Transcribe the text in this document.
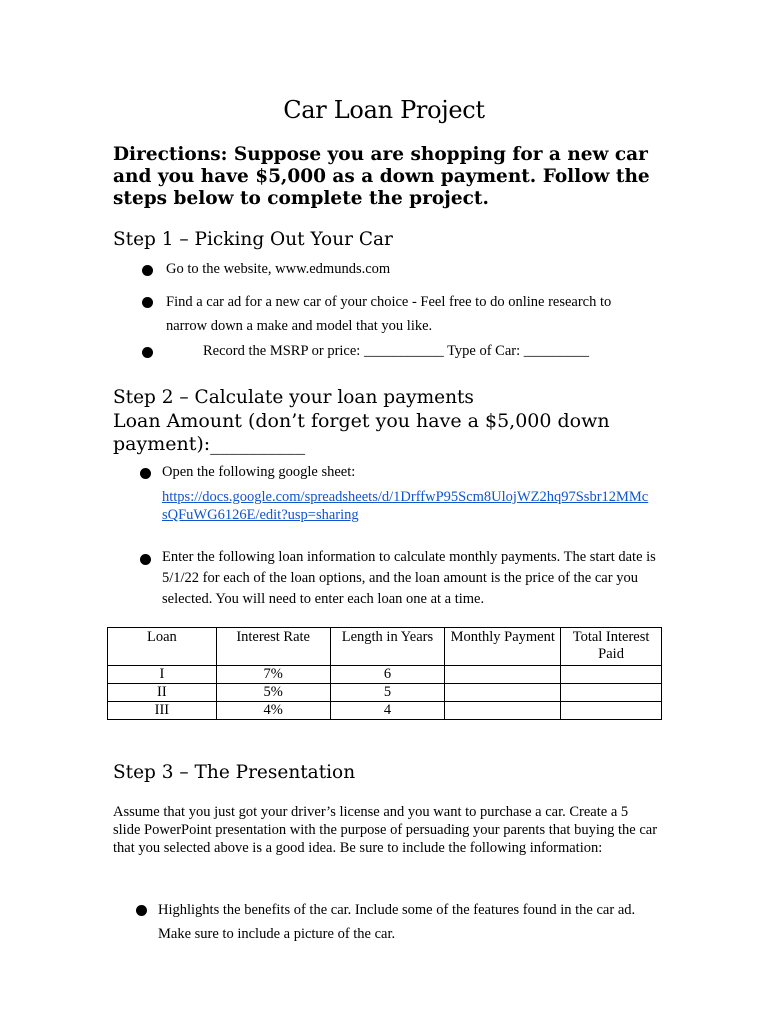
Car Loan Project
Directions: Suppose you are shopping for a new car and you have $5,000 as a down payment. Follow the steps below to complete the project.
Step 1 – Picking Out Your Car
Go to the website, www.edmunds.com
Find a car ad for a new car of your choice - Feel free to do online research to narrow down a make and model that you like.
Record the MSRP or price: ___________ Type of Car: _________
Step 2 – Calculate your loan payments
Loan Amount (don’t forget you have a $5,000 down payment):__________
Open the following google sheet:
https://docs.google.com/spreadsheets/d/1DrffwP95Scm8UlojWZ2hq97Ssbr12MMcsQFuWG6126E/edit?usp=sharing
Enter the following loan information to calculate monthly payments. The start date is 5/1/22 for each of the loan options, and the loan amount is the price of the car you selected. You will need to enter each loan one at a time.
Loan	Interest Rate	Length in Years	Monthly Payment	Total Interest Paid
I	7%	6		
II	5%	5		
III	4%	4		
Step 3 – The Presentation
Assume that you just got your driver’s license and you want to purchase a car. Create a 5 slide PowerPoint presentation with the purpose of persuading your parents that buying the car that you selected above is a good idea. Be sure to include the following information:
Highlights the benefits of the car. Include some of the features found in the car ad. Make sure to include a picture of the car.
